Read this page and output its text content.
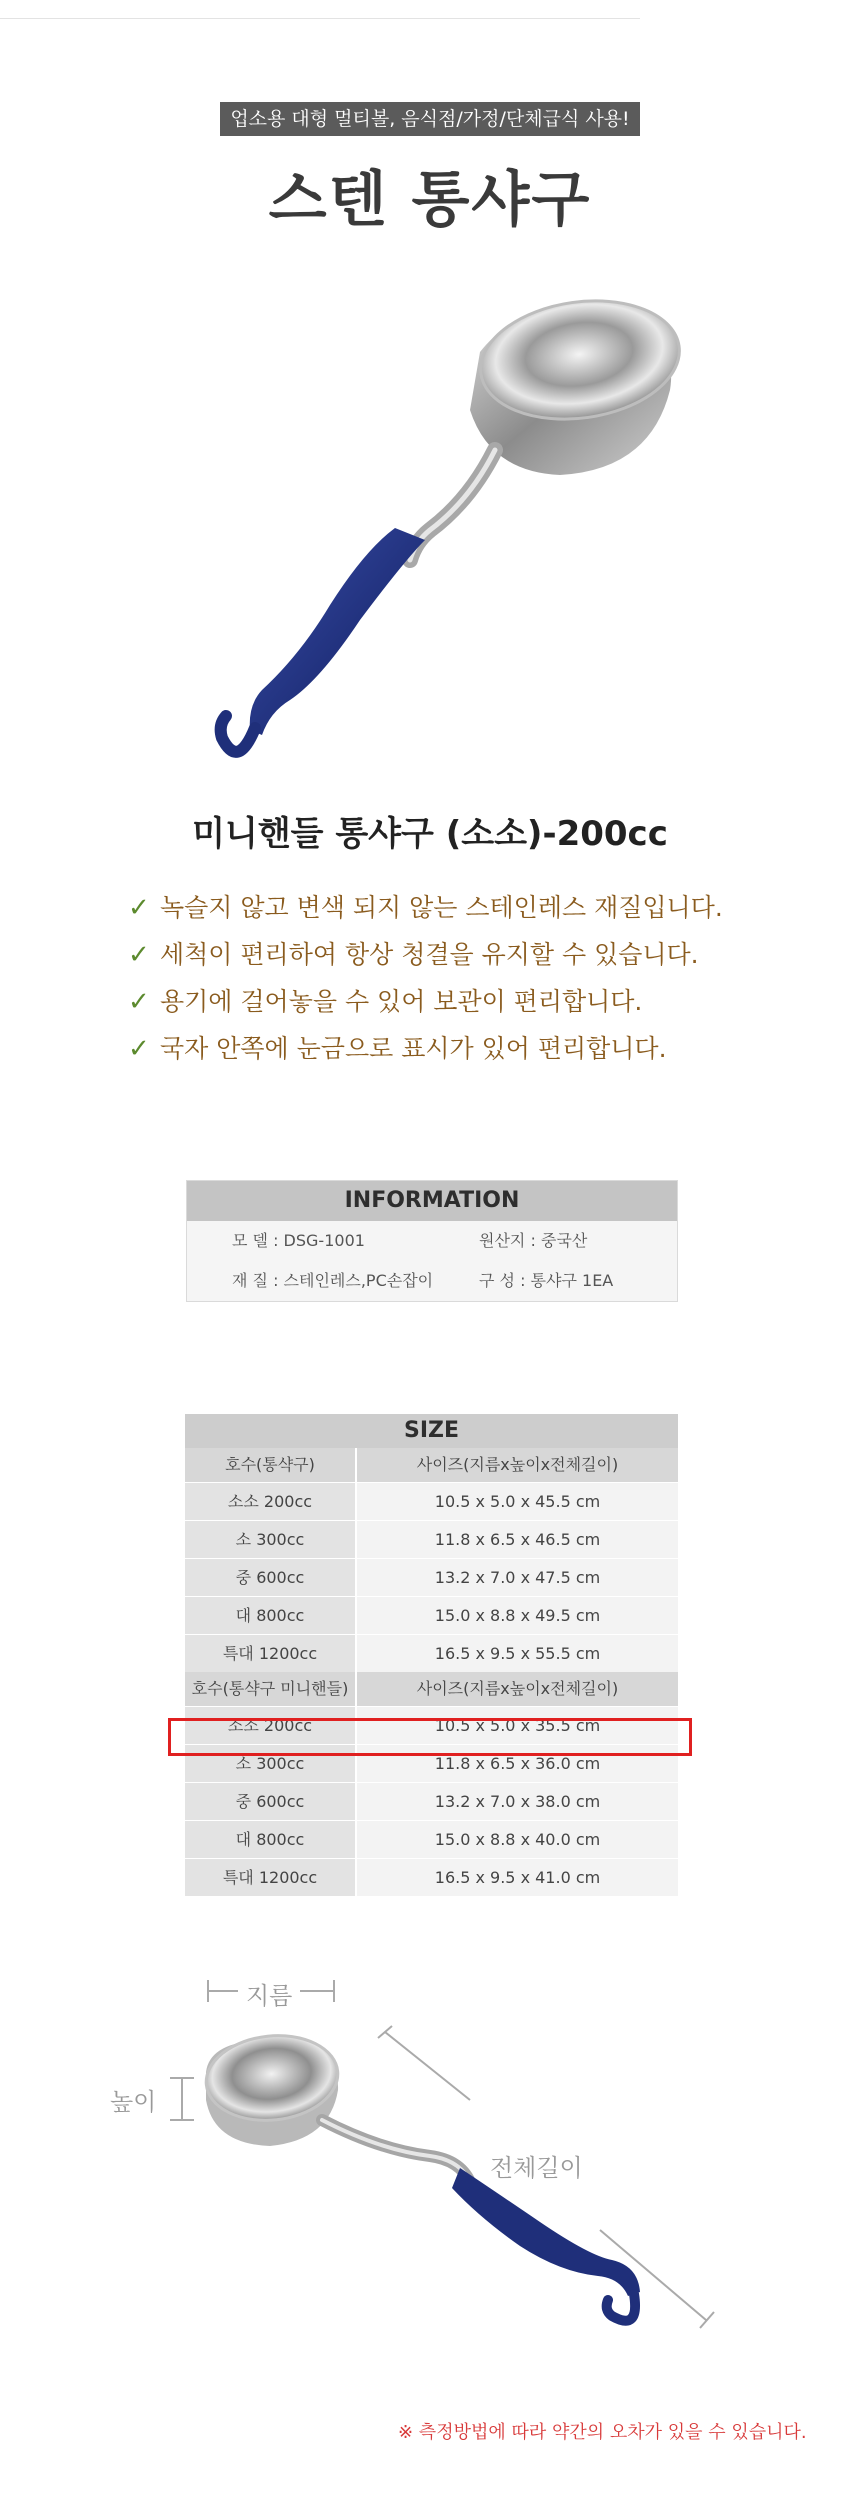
업소용 대형 멀티볼, 음식점/가정/단체급식 사용!
스텐 통샤구
미니핸들 통샤구 (소소)-200cc
✓ 녹슬지 않고 변색 되지 않는 스테인레스 재질입니다.
✓ 세척이 편리하여 항상 청결을 유지할 수 있습니다.
✓ 용기에 걸어놓을 수 있어 보관이 편리합니다.
✓ 국자 안쪽에 눈금으로 표시가 있어 편리합니다.
INFORMATION
모 델 : DSG-1001	원산지 : 중국산
재 질 : 스테인레스,PC손잡이	구 성 : 통샤구 1EA
SIZE
호수(통샥구)	사이즈(지름x높이x전체길이)
소소 200cc	10.5 x 5.0 x 45.5 cm
소 300cc	11.8 x 6.5 x 46.5 cm
중 600cc	13.2 x 7.0 x 47.5 cm
대 800cc	15.0 x 8.8 x 49.5 cm
특대 1200cc	16.5 x 9.5 x 55.5 cm
호수(통샥구 미니핸들)	사이즈(지름x높이x전체길이)
소소 200cc	10.5 x 5.0 x 35.5 cm
소 300cc	11.8 x 6.5 x 36.0 cm
중 600cc	13.2 x 7.0 x 38.0 cm
대 800cc	15.0 x 8.8 x 40.0 cm
특대 1200cc	16.5 x 9.5 x 41.0 cm
지름
높이
전체길이
※ 측정방법에 따라 약간의 오차가 있을 수 있습니다.
